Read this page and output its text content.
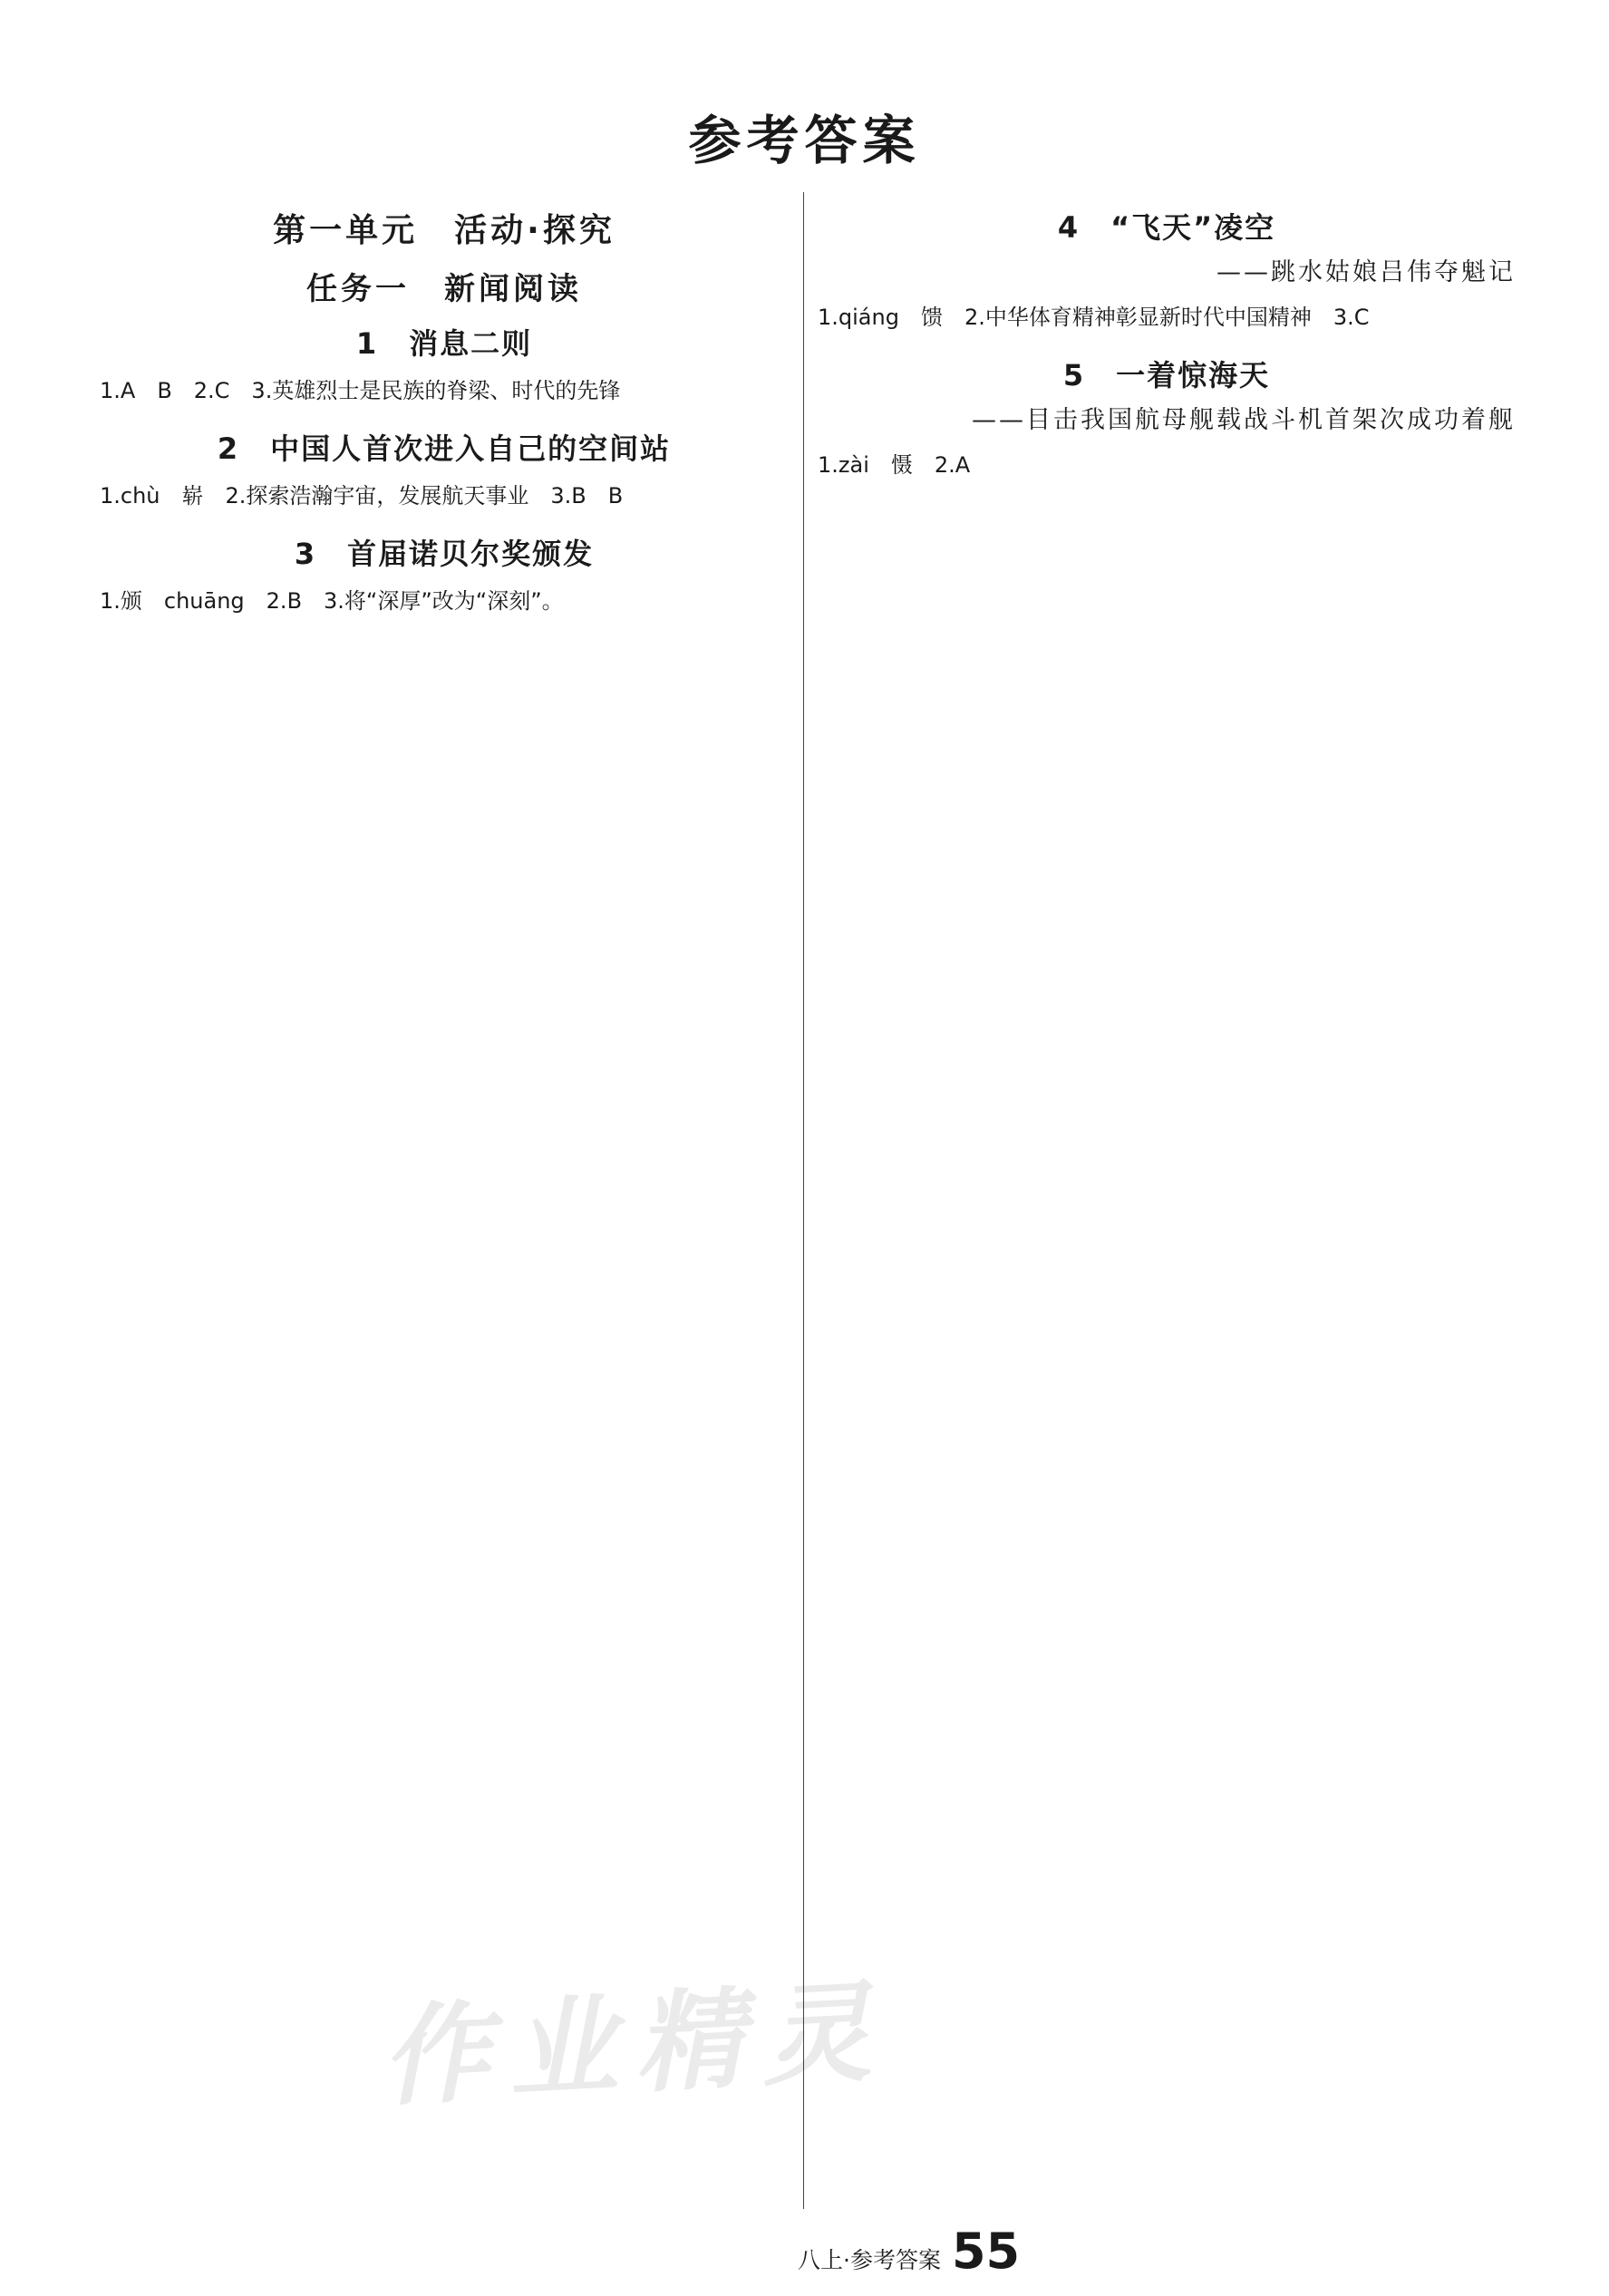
参考答案
第一单元　活动·探究
任务一　新闻阅读
1　消息二则

1.A　B　2.C　3.英雄烈士是民族的脊梁、时代的先锋

2　中国人首次进入自己的空间站

1.chù　崭　2.探索浩瀚宇宙，发展航天事业　3.B　B

3　首届诺贝尔奖颁发

1.颁　chuāng　2.B　3.将“深厚”改为“深刻”。

4　“飞天”凌空
——跳水姑娘吕伟夺魁记

1.qiáng　馈　2.中华体育精神彰显新时代中国精神　3.C

5　一着惊海天
——目击我国航母舰载战斗机首架次成功着舰

1.zài　慑　2.A

作业精灵
八上·参考答案 55
